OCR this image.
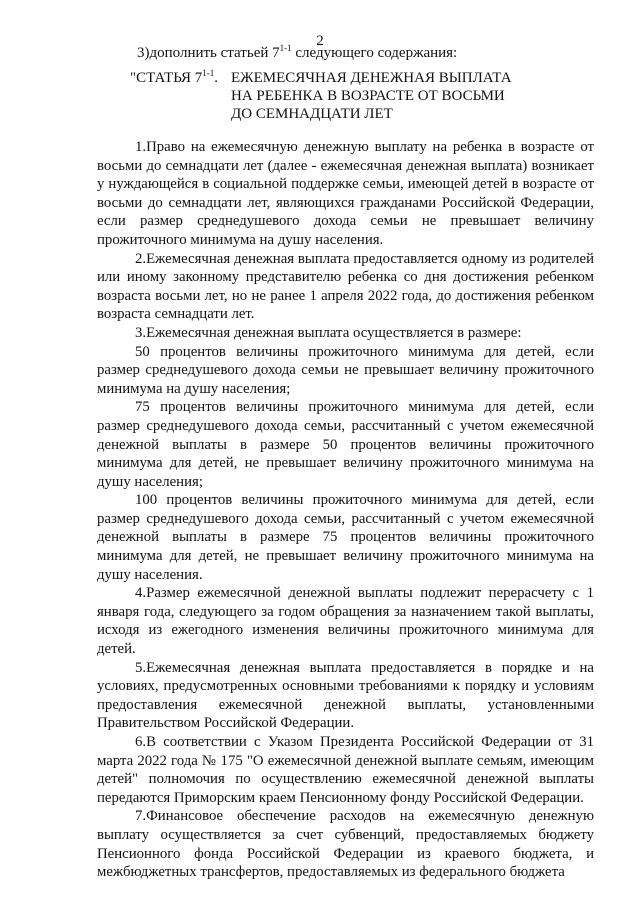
2
3)дополнить статьей 7$^{1-1}$ следующего содержания:
"СТАТЬЯ 7$^{1-1}$. ЕЖЕМЕСЯЧНАЯ ДЕНЕЖНАЯ ВЫПЛАТА
НА РЕБЕНКА В ВОЗРАСТЕ ОТ ВОСЬМИ
ДО СЕМНАДЦАТИ ЛЕТ

1.Право на ежемесячную денежную выплату на ребенка в возрасте от восьми до семнадцати лет (далее - ежемесячная денежная выплата) возникает у нуждающейся в социальной поддержке семьи, имеющей детей в возрасте от восьми до семнадцати лет, являющихся гражданами Российской Федерации, если размер среднедушевого дохода семьи не превышает величину прожиточного минимума на душу населения.

2.Ежемесячная денежная выплата предоставляется одному из родителей или иному законному представителю ребенка со дня достижения ребенком возраста восьми лет, но не ранее 1 апреля 2022 года, до достижения ребенком возраста семнадцати лет.

3.Ежемесячная денежная выплата осуществляется в размере:

50 процентов величины прожиточного минимума для детей, если размер среднедушевого дохода семьи не превышает величину прожиточного минимума на душу населения;

75 процентов величины прожиточного минимума для детей, если размер среднедушевого дохода семьи, рассчитанный с учетом ежемесячной денежной выплаты в размере 50 процентов величины прожиточного минимума для детей, не превышает величину прожиточного минимума на душу населения;

100 процентов величины прожиточного минимума для детей, если размер среднедушевого дохода семьи, рассчитанный с учетом ежемесячной денежной выплаты в размере 75 процентов величины прожиточного минимума для детей, не превышает величину прожиточного минимума на душу населения.

4.Размер ежемесячной денежной выплаты подлежит перерасчету с 1 января года, следующего за годом обращения за назначением такой выплаты, исходя из ежегодного изменения величины прожиточного минимума для детей.

5.Ежемесячная денежная выплата предоставляется в порядке и на условиях, предусмотренных основными требованиями к порядку и условиям предоставления ежемесячной денежной выплаты, установленными Правительством Российской Федерации.

6.В соответствии с Указом Президента Российской Федерации от 31 марта 2022 года № 175 "О ежемесячной денежной выплате семьям, имеющим детей" полномочия по осуществлению ежемесячной денежной выплаты передаются Приморским краем Пенсионному фонду Российской Федерации.

7.Финансовое обеспечение расходов на ежемесячную денежную выплату осуществляется за счет субвенций, предоставляемых бюджету Пенсионного фонда Российской Федерации из краевого бюджета, и межбюджетных трансфертов, предоставляемых из федерального бюджета
